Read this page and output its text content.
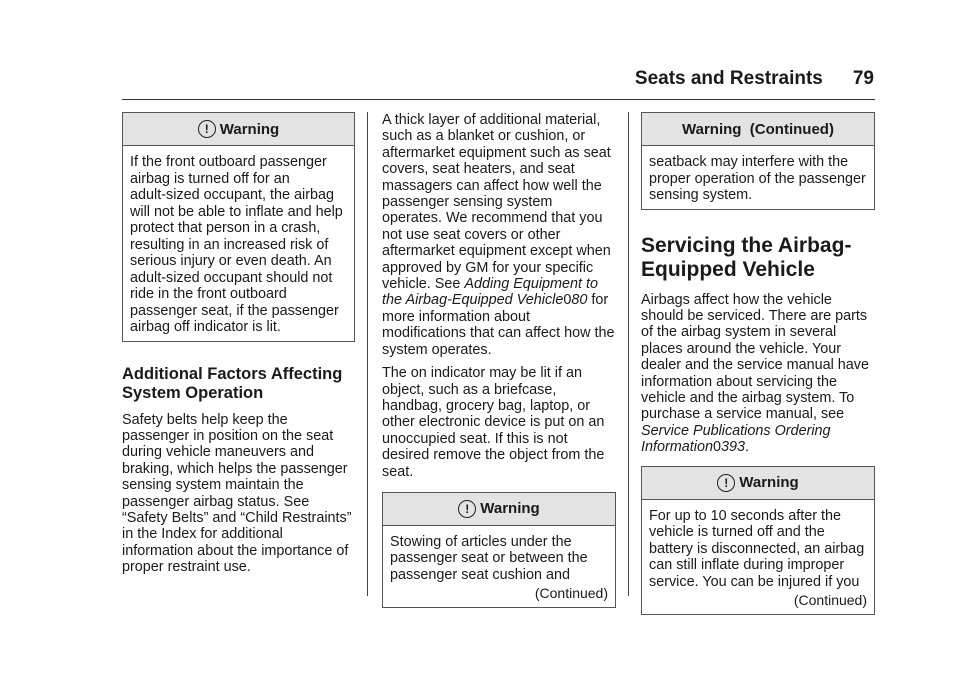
Seats and Restraints 79
! Warning
If the front outboard passenger
airbag is turned off for an
adult-sized occupant, the airbag
will not be able to inflate and help
protect that person in a crash,
resulting in an increased risk of
serious injury or even death. An
adult-sized occupant should not
ride in the front outboard
passenger seat, if the passenger
airbag off indicator is lit.
Additional Factors Affecting System Operation

Safety belts help keep the passenger in position on the seat during vehicle maneuvers and braking, which helps the passenger sensing system maintain the passenger airbag status. See “Safety Belts” and “Child Restraints” in the Index for additional information about the importance of proper restraint use.

A thick layer of additional material, such as a blanket or cushion, or aftermarket equipment such as seat covers, seat heaters, and seat massagers can affect how well the passenger sensing system operates. We recommend that you not use seat covers or other aftermarket equipment except when approved by GM for your specific vehicle. See Adding Equipment to the Airbag-Equipped Vehicle080 for more information about modifications that can affect how the system operates.

The on indicator may be lit if an object, such as a briefcase, handbag, grocery bag, laptop, or other electronic device is put on an unoccupied seat. If this is not desired remove the object from the seat.

! Warning
Stowing of articles under the
passenger seat or between the
passenger seat cushion and
(Continued)
Warning  (Continued)
seatback may interfere with the
proper operation of the passenger
sensing system.
Servicing the Airbag-Equipped Vehicle

Airbags affect how the vehicle should be serviced. There are parts of the airbag system in several places around the vehicle. Your dealer and the service manual have information about servicing the vehicle and the airbag system. To purchase a service manual, see Service Publications Ordering Information0393.

! Warning
For up to 10 seconds after the
vehicle is turned off and the
battery is disconnected, an airbag
can still inflate during improper
service. You can be injured if you
(Continued)
